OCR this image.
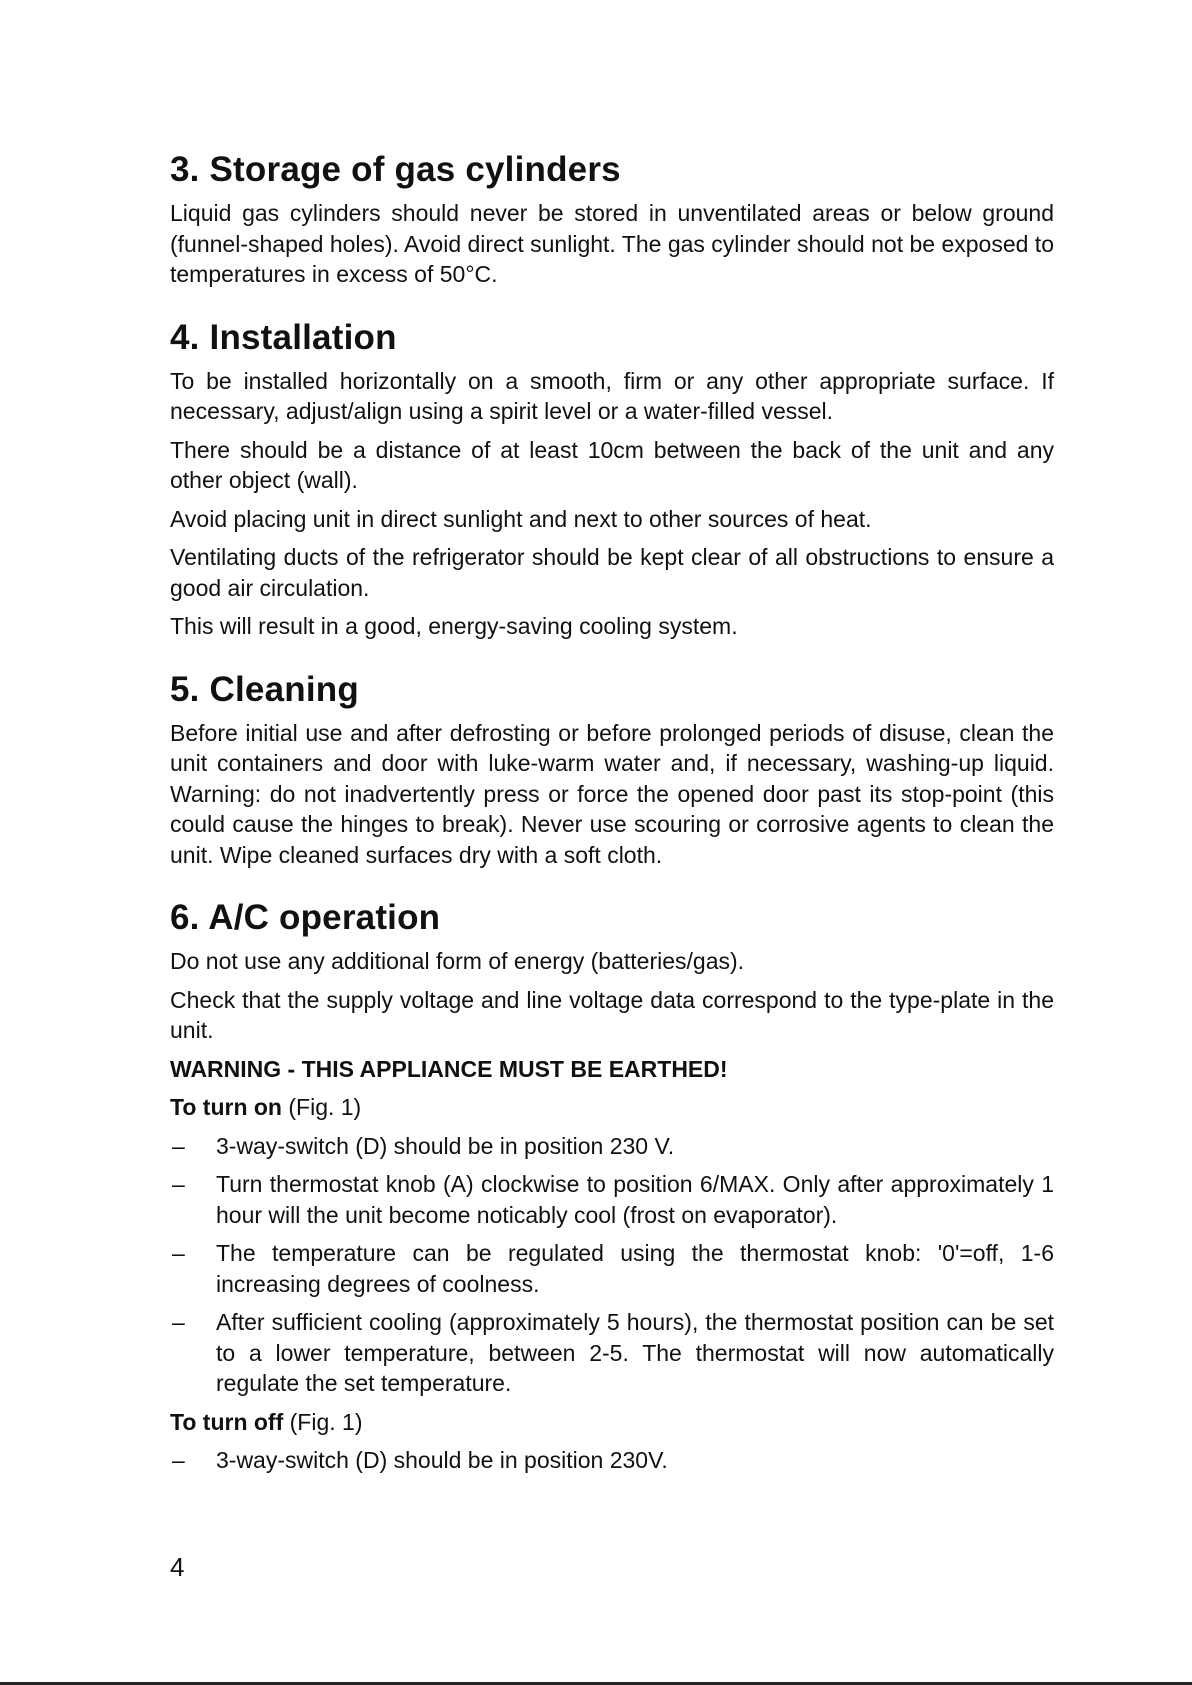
3. Storage of gas cylinders

Liquid gas cylinders should never be stored in unventilated areas or below ground (funnel-shaped holes). Avoid direct sunlight. The gas cylinder should not be exposed to temperatures in excess of 50°C.

4. Installation

To be installed horizontally on a smooth, firm or any other appropriate surface. If necessary, adjust/align using a spirit level or a water-filled vessel.

There should be a distance of at least 10cm between the back of the unit and any other object (wall).

Avoid placing unit in direct sunlight and next to other sources of heat.

Ventilating ducts of the refrigerator should be kept clear of all obstructions to ensure a good air circulation.

This will result in a good, energy-saving cooling system.

5. Cleaning

Before initial use and after defrosting or before prolonged periods of disuse, clean the unit containers and door with luke-warm water and, if necessary, washing-up liquid. Warning: do not inadvertently press or force the opened door past its stop-point (this could cause the hinges to break). Never use scouring or corrosive agents to clean the unit. Wipe cleaned surfaces dry with a soft cloth.

6. A/C operation

Do not use any additional form of energy (batteries/gas).

Check that the supply voltage and line voltage data correspond to the type-plate in the unit.

WARNING - THIS APPLIANCE MUST BE EARTHED!

To turn on (Fig. 1)

– 3-way-switch (D) should be in position 230 V.
– Turn thermostat knob (A) clockwise to position 6/MAX. Only after approximately 1 hour will the unit become noticably cool (frost on evaporator).
– The temperature can be regulated using the thermostat knob: '0'=off, 1-6 increasing degrees of coolness.
– After sufficient cooling (approximately 5 hours), the thermostat position can be set to a lower temperature, between 2-5. The thermostat will now automatically regulate the set temperature.

To turn off (Fig. 1)

– 3-way-switch (D) should be in position 230V.
4
